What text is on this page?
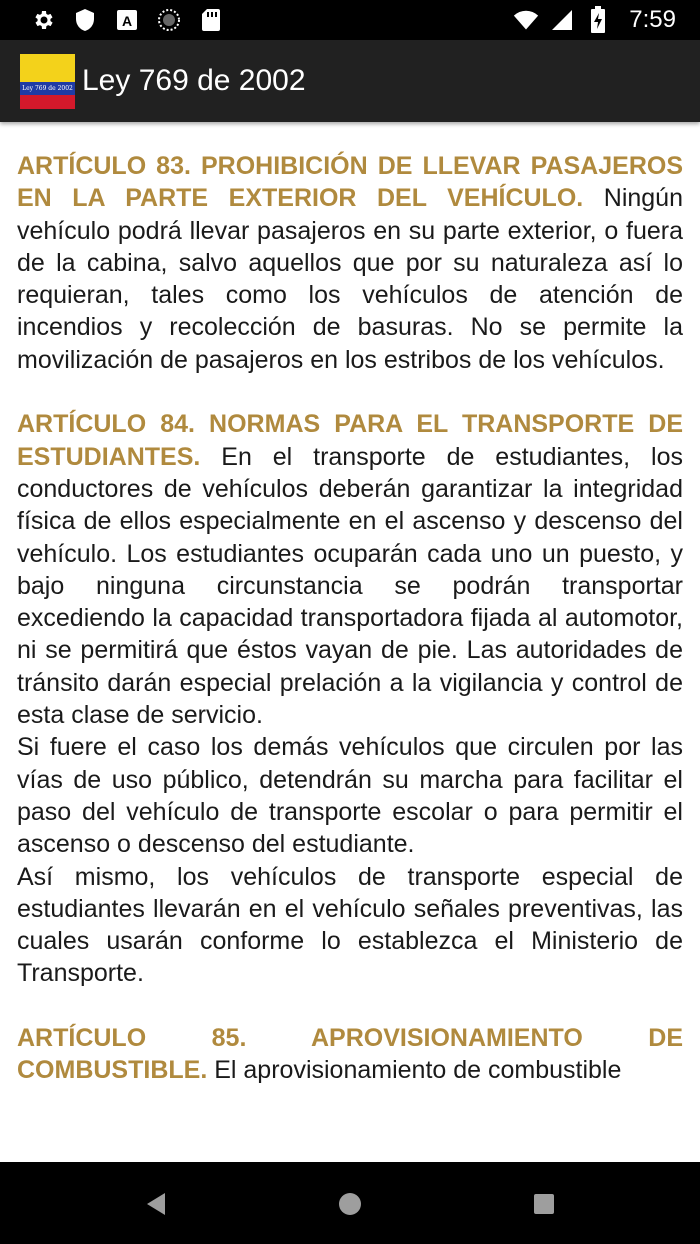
A	7:59
Ley 769 de 2002 Ley 769 de 2002

ARTÍCULO 83. PROHIBICIÓN DE LLEVAR PASAJEROS EN LA PARTE EXTERIOR DEL VEHÍCULO. Ningún vehículo podrá llevar pasajeros en su parte exterior, o fuera de la cabina, salvo aquellos que por su naturaleza así lo requieran, tales como los vehículos de atención de incendios y recolección de basuras. No se permite la movilización de pasajeros en los estribos de los vehículos.

ARTÍCULO 84. NORMAS PARA EL TRANSPORTE DE ESTUDIANTES. En el transporte de estudiantes, los conductores de vehículos deberán garantizar la integridad física de ellos especialmente en el ascenso y descenso del vehículo. Los estudiantes ocuparán cada uno un puesto, y bajo ninguna circunstancia se podrán transportar excediendo la capacidad transportadora fijada al automotor, ni se permitirá que éstos vayan de pie. Las autoridades de tránsito darán especial prelación a la vigilancia y control de esta clase de servicio.

Si fuere el caso los demás vehículos que circulen por las vías de uso público, detendrán su marcha para facilitar el paso del vehículo de transporte escolar o para permitir el ascenso o descenso del estudiante.

Así mismo, los vehículos de transporte especial de estudiantes llevarán en el vehículo señales preventivas, las cuales usarán conforme lo establezca el Ministerio de Transporte.

ARTÍCULO 85. APROVISIONAMIENTO DE COMBUSTIBLE. El aprovisionamiento de combustible
